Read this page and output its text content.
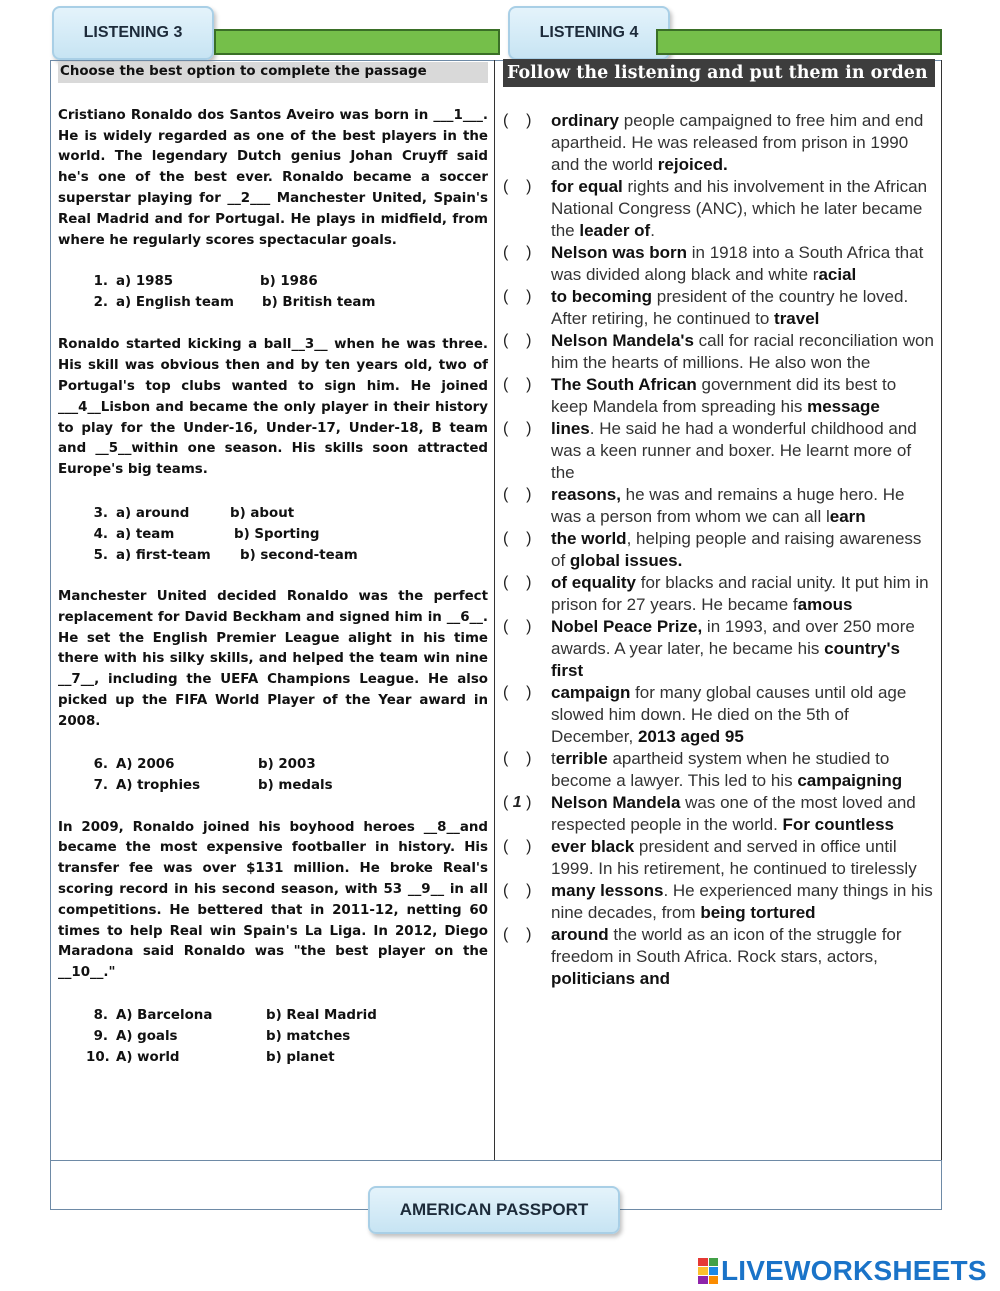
LISTENING 3	LISTENING 4
Choose the best option to complete the passage

Cristiano Ronaldo dos Santos Aveiro was born in ___1___. He is widely regarded as one of the best players in the world. The legendary Dutch genius Johan Cruyff said he's one of the best ever. Ronaldo became a soccer superstar playing for __2___ Manchester United, Spain's Real Madrid and for Portugal. He plays in midfield, from where he regularly scores spectacular goals.

1. a) 1985	b) 1986
2. a) English team	b) British team

Ronaldo started kicking a ball__3__ when he was three. His skill was obvious then and by ten years old, two of Portugal's top clubs wanted to sign him. He joined ___4__Lisbon and became the only player in their history to play for the Under-16, Under-17, Under-18, B team and __5__within one season. His skills soon attracted Europe's big teams.

3. a) around	b) about
4. a) team	b) Sporting
5. a) first-team	b) second-team

Manchester United decided Ronaldo was the perfect replacement for David Beckham and signed him in __6__. He set the English Premier League alight in his time there with his silky skills, and helped the team win nine __7__, including the UEFA Champions League. He also picked up the FIFA World Player of the Year award in 2008.

6. A) 2006	b) 2003
7. A) trophies	b) medals

In 2009, Ronaldo joined his boyhood heroes __8__and became the most expensive footballer in history. His transfer fee was over $131 million. He broke Real's scoring record in his second season, with 53 __9__ in all competitions. He bettered that in 2011-12, netting 60 times to help Real win Spain's La Liga. In 2012, Diego Maradona said Ronaldo was "the best player on the __10__."

8. A) Barcelona	b) Real Madrid
9. A) goals	b) matches
10. A) world	b) planet
Follow the listening and put them in orden
(    )	ordinary people campaigned to free him and end apartheid. He was released from prison in 1990 and the world rejoiced.
(    )	for equal rights and his involvement in the African National Congress (ANC), which he later became the leader of.
(    )	Nelson was born in 1918 into a South Africa that was divided along black and white racial
(    )	to becoming president of the country he loved. After retiring, he continued to travel
(    )	Nelson Mandela's call for racial reconciliation won him the hearts of millions. He also won the
(    )	The South African government did its best to keep Mandela from spreading his message
(    )	lines. He said he had a wonderful childhood and was a keen runner and boxer. He learnt more of the
(    )	reasons, he was and remains a huge hero. He was a person from whom we can all learn
(    )	the world, helping people and raising awareness of global issues.
(    )	of equality for blacks and racial unity. It put him in prison for 27 years. He became famous
(    )	Nobel Peace Prize, in 1993, and over 250 more awards. A year later, he became his country's first
(    )	campaign for many global causes until old age slowed him down. He died on the 5th of December, 2013 aged 95
(    )	terrible apartheid system when he studied to become a lawyer. This led to his campaigning
( 1 )	Nelson Mandela was one of the most loved and respected people in the world. For countless
(    )	ever black president and served in office until 1999. In his retirement, he continued to tirelessly
(    )	many lessons. He experienced many things in his nine decades, from being tortured
(    )	around the world as an icon of the struggle for freedom in South Africa. Rock stars, actors, politicians and
AMERICAN PASSPORT
LIVEWORKSHEETS
